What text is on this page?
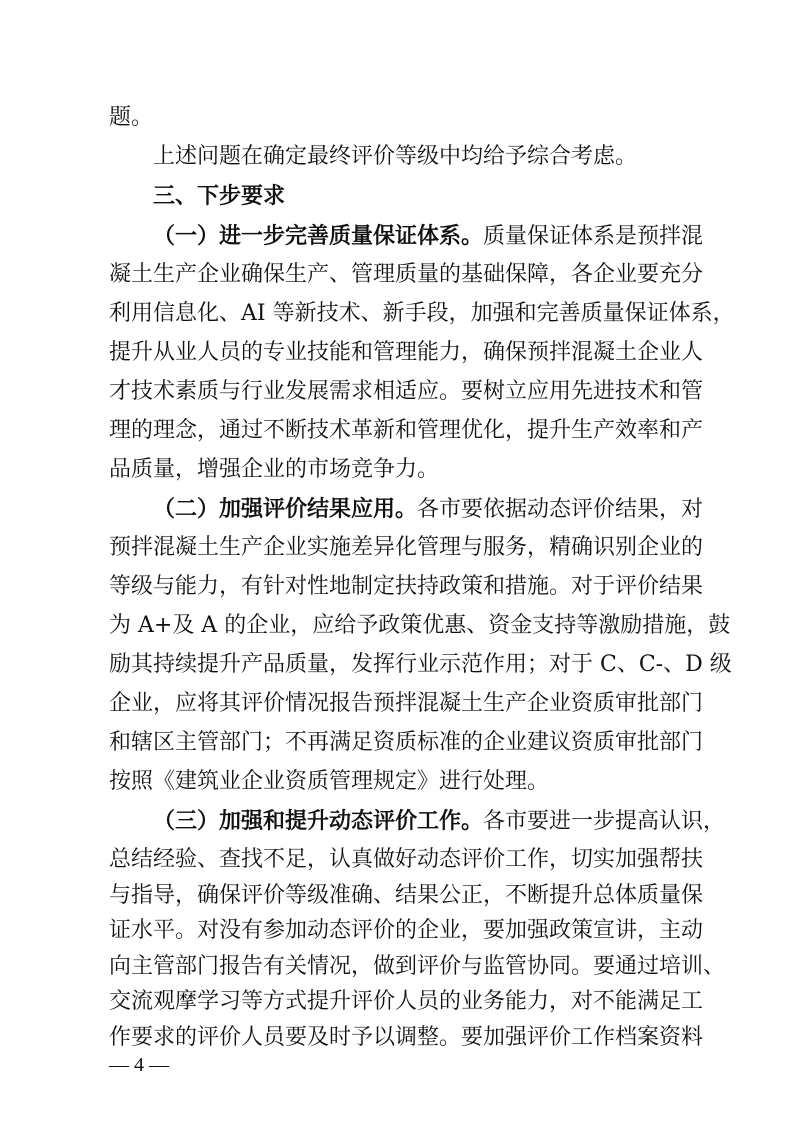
题。
上述问题在确定最终评价等级中均给予综合考虑。
三、下步要求
（一）进一步完善质量保证体系。质量保证体系是预拌混
凝土生产企业确保生产、管理质量的基础保障，各企业要充分
利用信息化、AI 等新技术、新手段，加强和完善质量保证体系，
提升从业人员的专业技能和管理能力，确保预拌混凝土企业人
才技术素质与行业发展需求相适应。要树立应用先进技术和管
理的理念，通过不断技术革新和管理优化，提升生产效率和产
品质量，增强企业的市场竞争力。
（二）加强评价结果应用。各市要依据动态评价结果，对
预拌混凝土生产企业实施差异化管理与服务，精确识别企业的
等级与能力，有针对性地制定扶持政策和措施。对于评价结果
为 A+及 A 的企业，应给予政策优惠、资金支持等激励措施，鼓
励其持续提升产品质量，发挥行业示范作用；对于 C、C-、D 级
企业，应将其评价情况报告预拌混凝土生产企业资质审批部门
和辖区主管部门；不再满足资质标准的企业建议资质审批部门
按照《建筑业企业资质管理规定》进行处理。
（三）加强和提升动态评价工作。各市要进一步提高认识，
总结经验、查找不足，认真做好动态评价工作，切实加强帮扶
与指导，确保评价等级准确、结果公正，不断提升总体质量保
证水平。对没有参加动态评价的企业，要加强政策宣讲，主动
向主管部门报告有关情况，做到评价与监管协同。要通过培训、
交流观摩学习等方式提升评价人员的业务能力，对不能满足工
作要求的评价人员要及时予以调整。要加强评价工作档案资料
— 4 —
